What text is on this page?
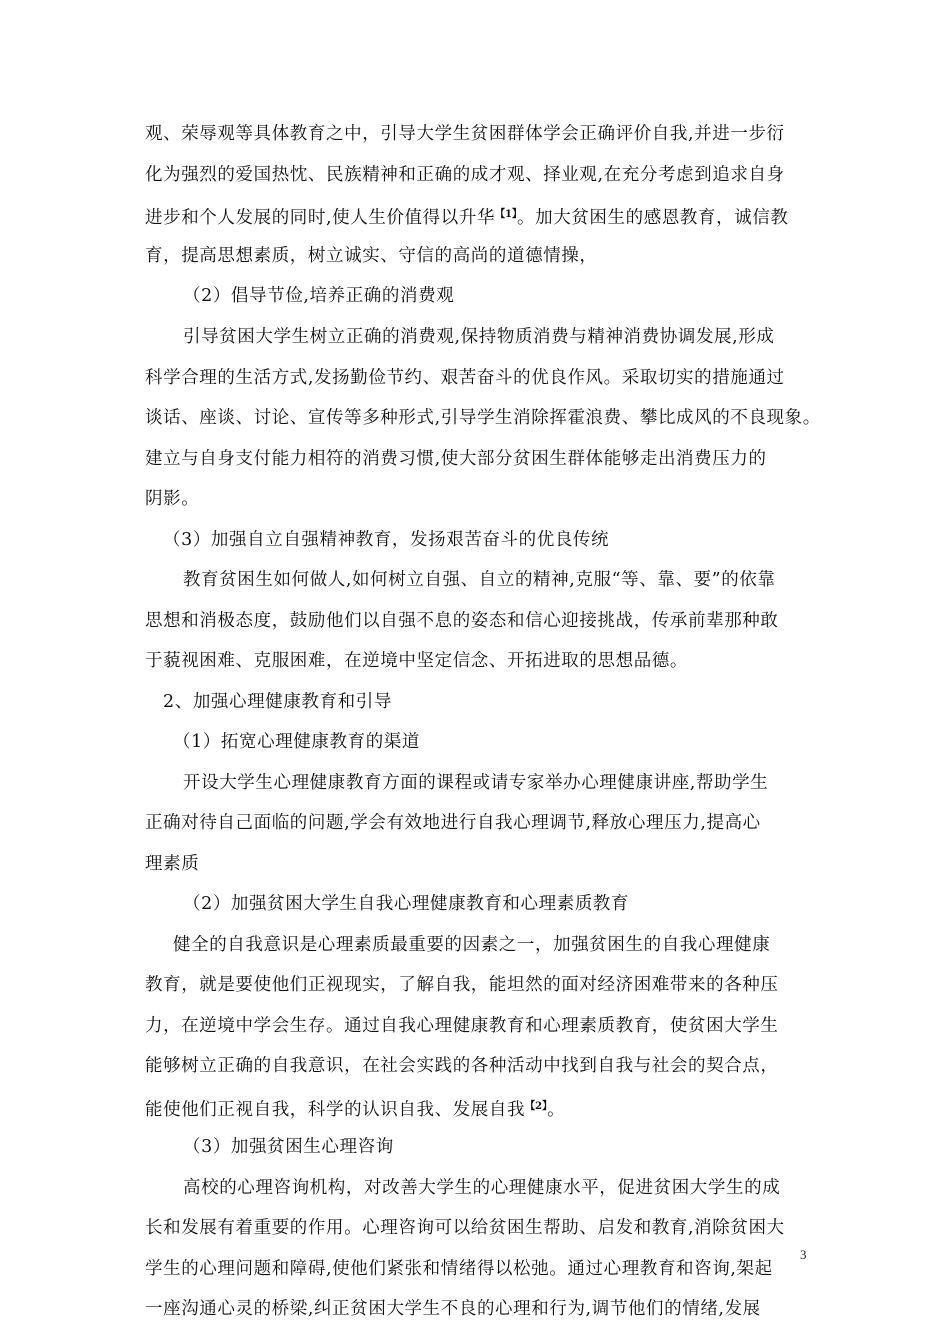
观、荣辱观等具体教育之中，引导大学生贫困群体学会正确评价自我,并进一步衍
化为强烈的爱国热忱、民族精神和正确的成才观、择业观,在充分考虑到追求自身
进步和个人发展的同时,使人生价值得以升华$^{【1】}$。加大贫困生的感恩教育，诚信教
育，提高思想素质，树立诚实、守信的高尚的道德情操，
（2）倡导节俭,培养正确的消费观
引导贫困大学生树立正确的消费观,保持物质消费与精神消费协调发展,形成
科学合理的生活方式,发扬勤俭节约、艰苦奋斗的优良作风。采取切实的措施通过
谈话、座谈、讨论、宣传等多种形式,引导学生消除挥霍浪费、攀比成风的不良现象。
建立与自身支付能力相符的消费习惯,使大部分贫困生群体能够走出消费压力的
阴影。
（3）加强自立自强精神教育，发扬艰苦奋斗的优良传统
教育贫困生如何做人,如何树立自强、自立的精神,克服“等、靠、要”的依靠
思想和消极态度，鼓励他们以自强不息的姿态和信心迎接挑战，传承前辈那种敢
于藐视困难、克服困难，在逆境中坚定信念、开拓进取的思想品德。
2、加强心理健康教育和引导
（1）拓宽心理健康教育的渠道
开设大学生心理健康教育方面的课程或请专家举办心理健康讲座,帮助学生
正确对待自己面临的问题,学会有效地进行自我心理调节,释放心理压力,提高心
理素质
（2）加强贫困大学生自我心理健康教育和心理素质教育
健全的自我意识是心理素质最重要的因素之一，加强贫困生的自我心理健康
教育，就是要使他们正视现实，了解自我，能坦然的面对经济困难带来的各种压
力，在逆境中学会生存。通过自我心理健康教育和心理素质教育，使贫困大学生
能够树立正确的自我意识，在社会实践的各种活动中找到自我与社会的契合点，
能使他们正视自我，科学的认识自我、发展自我$^{【2】}$。
（3）加强贫困生心理咨询
高校的心理咨询机构，对改善大学生的心理健康水平，促进贫困大学生的成
长和发展有着重要的作用。心理咨询可以给贫困生帮助、启发和教育,消除贫困大
学生的心理问题和障碍,使他们紧张和情绪得以松弛。通过心理教育和咨询,架起
一座沟通心灵的桥梁,纠正贫困大学生不良的心理和行为,调节他们的情绪,发展
3
